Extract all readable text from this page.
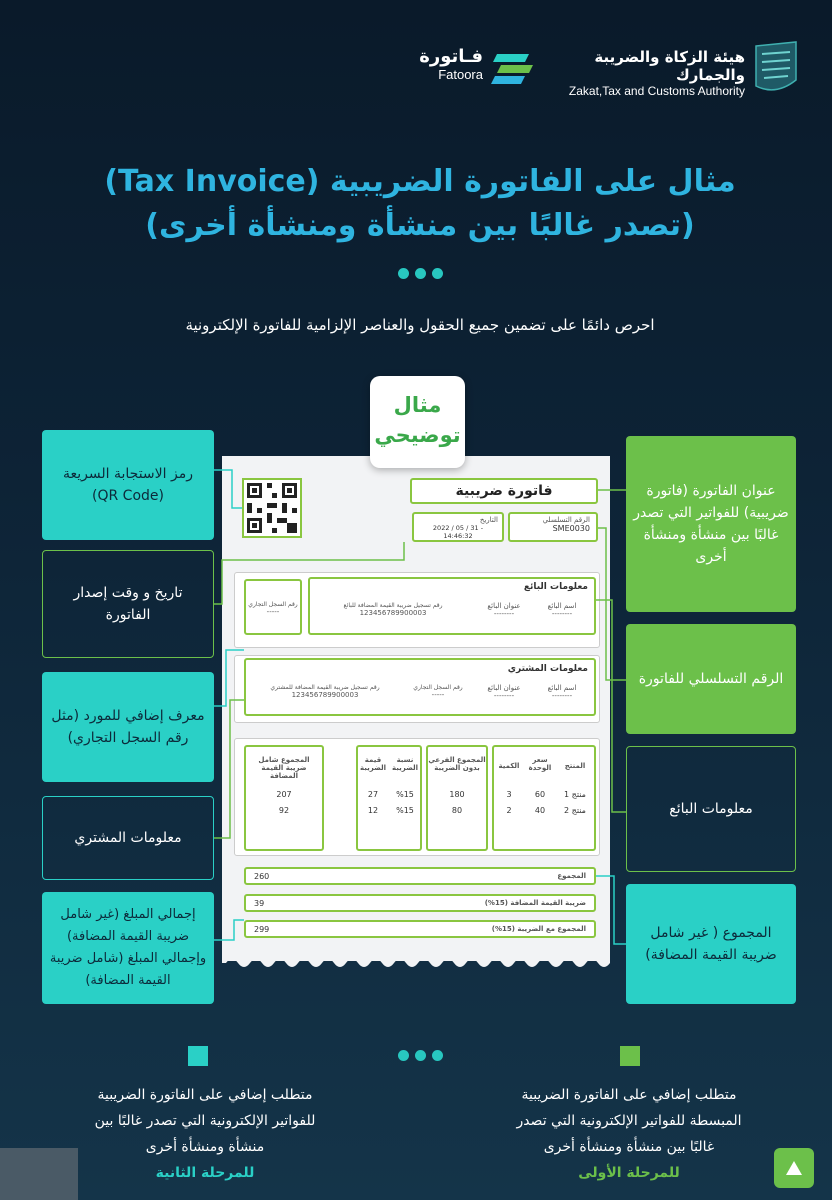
هيئة الزكاة والضريبة والجمارك
Zakat,Tax and Customs Authority
فـاتورة
Fatoora
مثال على الفاتورة الضريبية (Tax Invoice)
(تصدر غالبًا بين منشأة ومنشأة أخرى)
احرص دائمًا على تضمين جميع الحقول والعناصر الإلزامية للفاتورة الإلكترونية
مثال
توضيحي
فاتورة ضريبية
الرقم التسلسلي
SME0030
التاريخ
2022 / 05 / 31 - 14:46:32
معلومات البائع
اسم البائع
--------
عنوان البائع
--------
رقم تسجيل ضريبة القيمة المضافة للبائع
123456789900003
رقم السجل التجاري
-----
معلومات المشتري
اسم البائع
--------
عنوان البائع
--------
رقم السجل التجاري
-----
رقم تسجيل ضريبة القيمة المضافة للمشتري
123456789900003
المنتج
سعر الوحدة
الكمية
المجموع الفرعي بدون الضريبة
نسبة الضريبة
قيمة الضريبة
المجموع شامل ضريبة القيمة المضافة
منتج 1
60
3
180
%15
27
207
منتج 2
40
2
80
%15
12
92
المجموع
260
ضريبة القيمة المضافة (15%)
39
المجموع مع الضريبة (15%)
299
رمز الاستجابة السريعة (QR Code)
تاريخ و وقت إصدار الفاتورة
معرف إضافي للمورد (مثل رقم السجل التجاري)
معلومات المشتري
إجمالي المبلغ (غير شامل ضريبة القيمة المضافة) وإجمالي المبلغ (شامل ضريبة القيمة المضافة)
عنوان الفاتورة (فاتورة ضريبية) للفواتير التي تصدر غالبًا بين منشأة ومنشأة أخرى
الرقم التسلسلي للفاتورة
معلومات البائع
المجموع ( غير شامل ضريبة القيمة المضافة)
متطلب إضافي على الفاتورة الضريبية للفواتير الإلكترونية التي تصدر غالبًا بين منشأة ومنشأة أخرى
للمرحلة الثانية
متطلب إضافي على الفاتورة الضريبية المبسطة للفواتير الإلكترونية التي تصدر غالبًا بين منشأة ومنشأة أخرى
للمرحلة الأولى
